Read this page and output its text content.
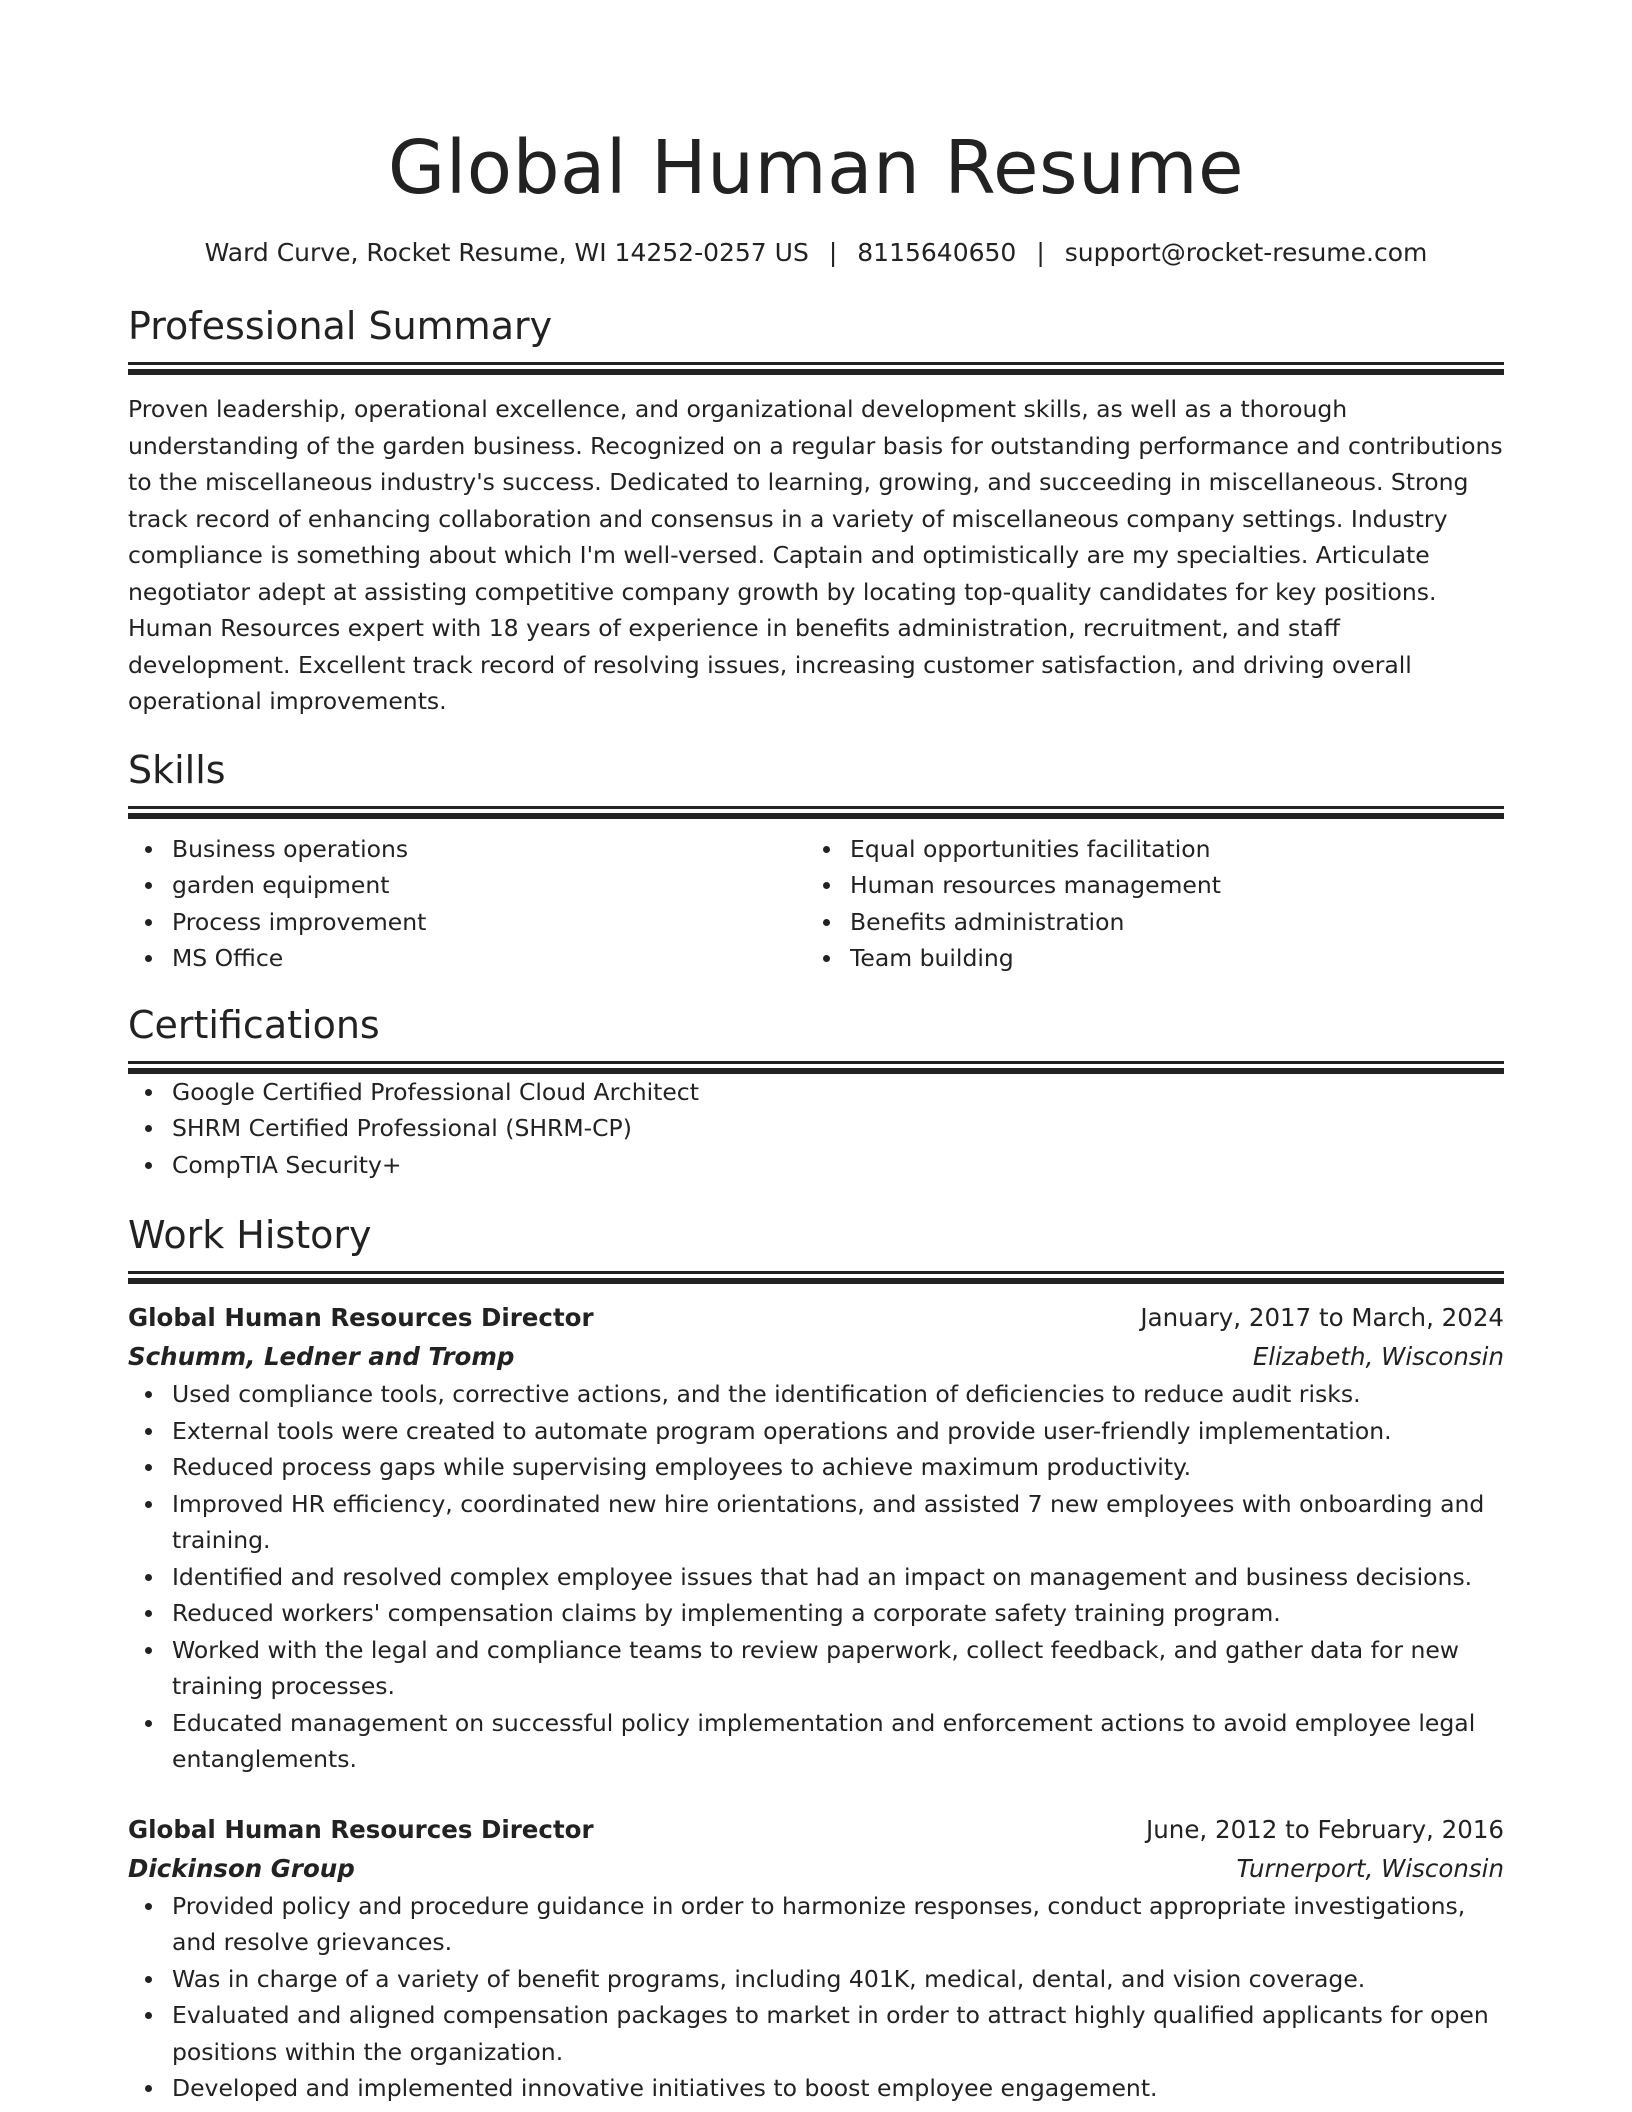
Global Human Resume
Ward Curve, Rocket Resume, WI 14252-0257 US | 8115640650 | support@rocket-resume.com
Professional Summary
Proven leadership, operational excellence, and organizational development skills, as well as a thorough understanding of the garden business. Recognized on a regular basis for outstanding performance and contributions to the miscellaneous industry's success. Dedicated to learning, growing, and succeeding in miscellaneous. Strong track record of enhancing collaboration and consensus in a variety of miscellaneous company settings. Industry compliance is something about which I'm well-versed. Captain and optimistically are my specialties. Articulate negotiator adept at assisting competitive company growth by locating top-quality candidates for key positions. Human Resources expert with 18 years of experience in benefits administration, recruitment, and staff development. Excellent track record of resolving issues, increasing customer satisfaction, and driving overall operational improvements.
Skills
Business operations
garden equipment
Process improvement
MS Office
Equal opportunities facilitation
Human resources management
Benefits administration
Team building
Certifications
Google Certified Professional Cloud Architect
SHRM Certified Professional (SHRM-CP)
CompTIA Security+
Work History
Global Human Resources Director	January, 2017 to March, 2024
Schumm, Ledner and Tromp	Elizabeth, Wisconsin
Used compliance tools, corrective actions, and the identification of deficiencies to reduce audit risks.
External tools were created to automate program operations and provide user-friendly implementation.
Reduced process gaps while supervising employees to achieve maximum productivity.
Improved HR efficiency, coordinated new hire orientations, and assisted 7 new employees with onboarding and training.
Identified and resolved complex employee issues that had an impact on management and business decisions.
Reduced workers' compensation claims by implementing a corporate safety training program.
Worked with the legal and compliance teams to review paperwork, collect feedback, and gather data for new training processes.
Educated management on successful policy implementation and enforcement actions to avoid employee legal entanglements.
Global Human Resources Director	June, 2012 to February, 2016
Dickinson Group	Turnerport, Wisconsin
Provided policy and procedure guidance in order to harmonize responses, conduct appropriate investigations, and resolve grievances.
Was in charge of a variety of benefit programs, including 401K, medical, dental, and vision coverage.
Evaluated and aligned compensation packages to market in order to attract highly qualified applicants for open positions within the organization.
Developed and implemented innovative initiatives to boost employee engagement.
